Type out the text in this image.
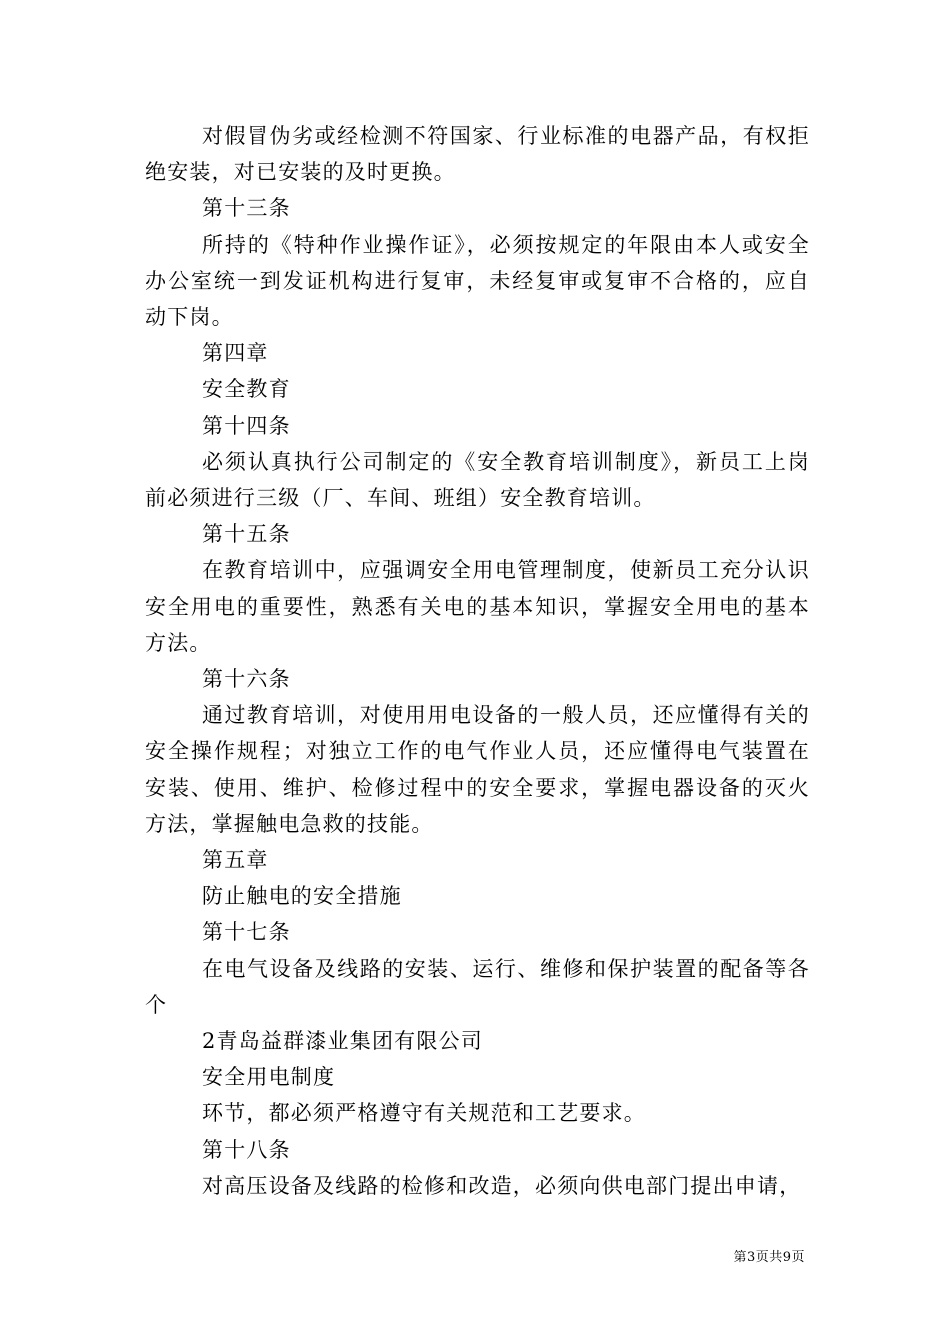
对假冒伪劣或经检测不符国家、行业标准的电器产品，有权拒绝安装，对已安装的及时更换。

第十三条

所持的《特种作业操作证》，必须按规定的年限由本人或安全办公室统一到发证机构进行复审，未经复审或复审不合格的，应自动下岗。

第四章

安全教育

第十四条

必须认真执行公司制定的《安全教育培训制度》，新员工上岗前必须进行三级（厂、车间、班组）安全教育培训。

第十五条

在教育培训中，应强调安全用电管理制度，使新员工充分认识安全用电的重要性，熟悉有关电的基本知识，掌握安全用电的基本方法。

第十六条

通过教育培训，对使用用电设备的一般人员，还应懂得有关的安全操作规程；对独立工作的电气作业人员，还应懂得电气装置在安装、使用、维护、检修过程中的安全要求，掌握电器设备的灭火方法，掌握触电急救的技能。

第五章

防止触电的安全措施

第十七条

在电气设备及线路的安装、运行、维修和保护装置的配备等各个

2青岛益群漆业集团有限公司

安全用电制度

环节，都必须严格遵守有关规范和工艺要求。

第十八条

对高压设备及线路的检修和改造，必须向供电部门提出申请，

第3页共9页
